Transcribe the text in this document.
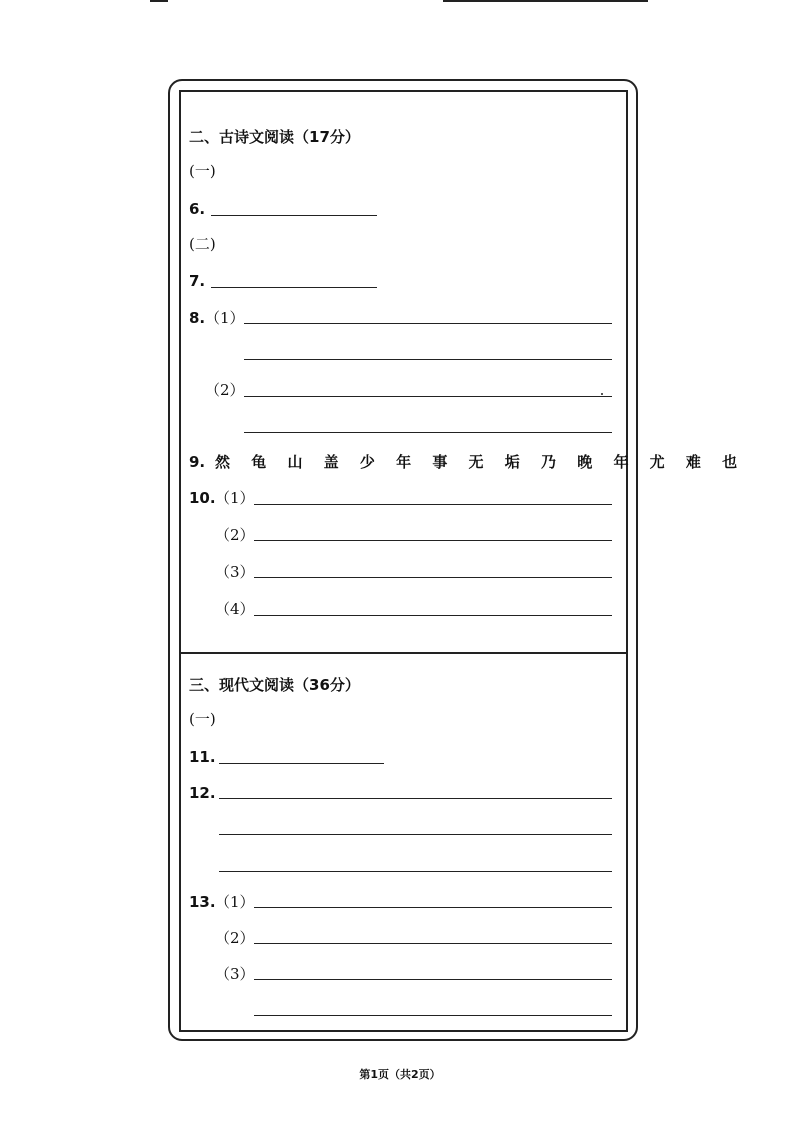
二、古诗文阅读（17分）
(一)
6.
(二)
7.
8. （1）
（2）
9. 然 龟 山 盖 少 年 事 无 垢 乃 晚 年 尤 难 也
10. （1）
（2）
（3）
（4）
三、现代文阅读（36分）
(一)
11.
12.
13. （1）
（2）
（3）
第1页（共2页）
